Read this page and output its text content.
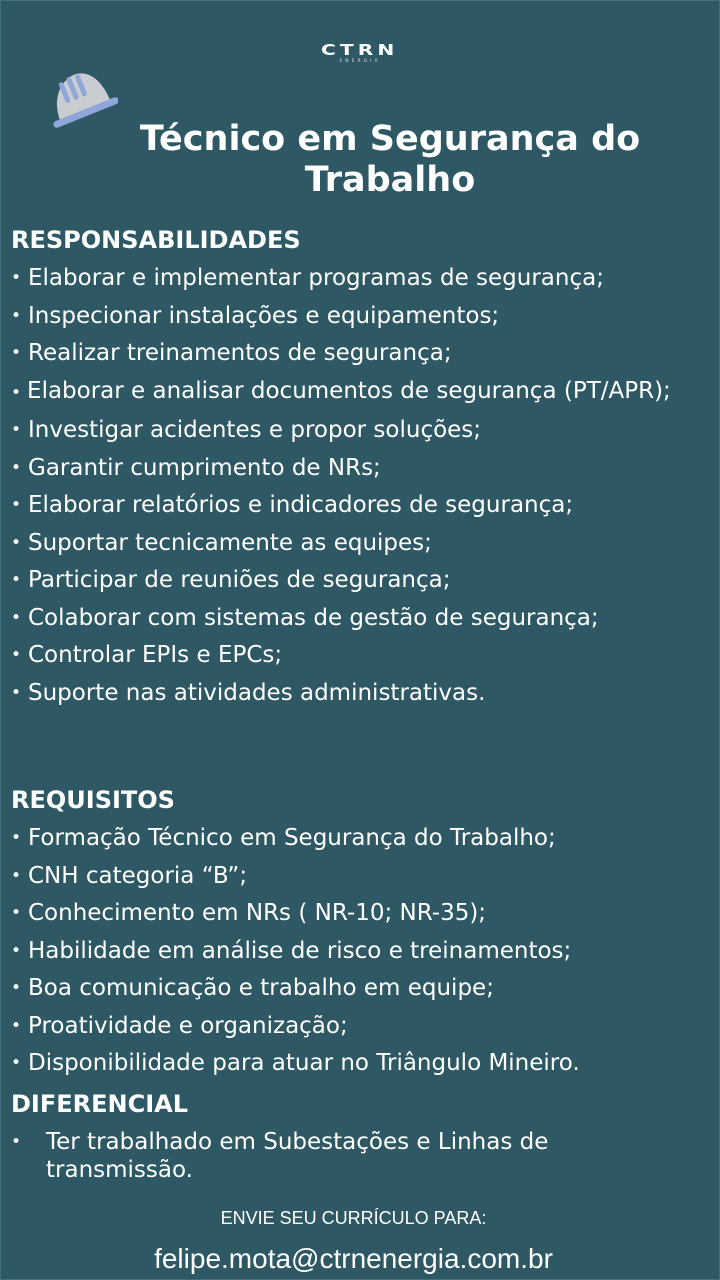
CTRN
ENERGIA
Técnico em Segurança do Trabalho
RESPONSABILIDADES
• Elaborar e implementar programas de segurança;
• Inspecionar instalações e equipamentos;
• Realizar treinamentos de segurança;
• Elaborar e analisar documentos de segurança (PT/APR);
• Investigar acidentes e propor soluções;
• Garantir cumprimento de NRs;
• Elaborar relatórios e indicadores de segurança;
• Suportar tecnicamente as equipes;
• Participar de reuniões de segurança;
• Colaborar com sistemas de gestão de segurança;
• Controlar EPIs e EPCs;
• Suporte nas atividades administrativas.
REQUISITOS
• Formação Técnico em Segurança do Trabalho;
• CNH categoria “B”;
• Conhecimento em NRs ( NR-10; NR-35);
• Habilidade em análise de risco e treinamentos;
• Boa comunicação e trabalho em equipe;
• Proatividade e organização;
• Disponibilidade para atuar no Triângulo Mineiro.
DIFERENCIAL
• Ter trabalhado em Subestações e Linhas de transmissão.
ENVIE SEU CURRÍCULO PARA:
felipe.mota@ctrnenergia.com.br
